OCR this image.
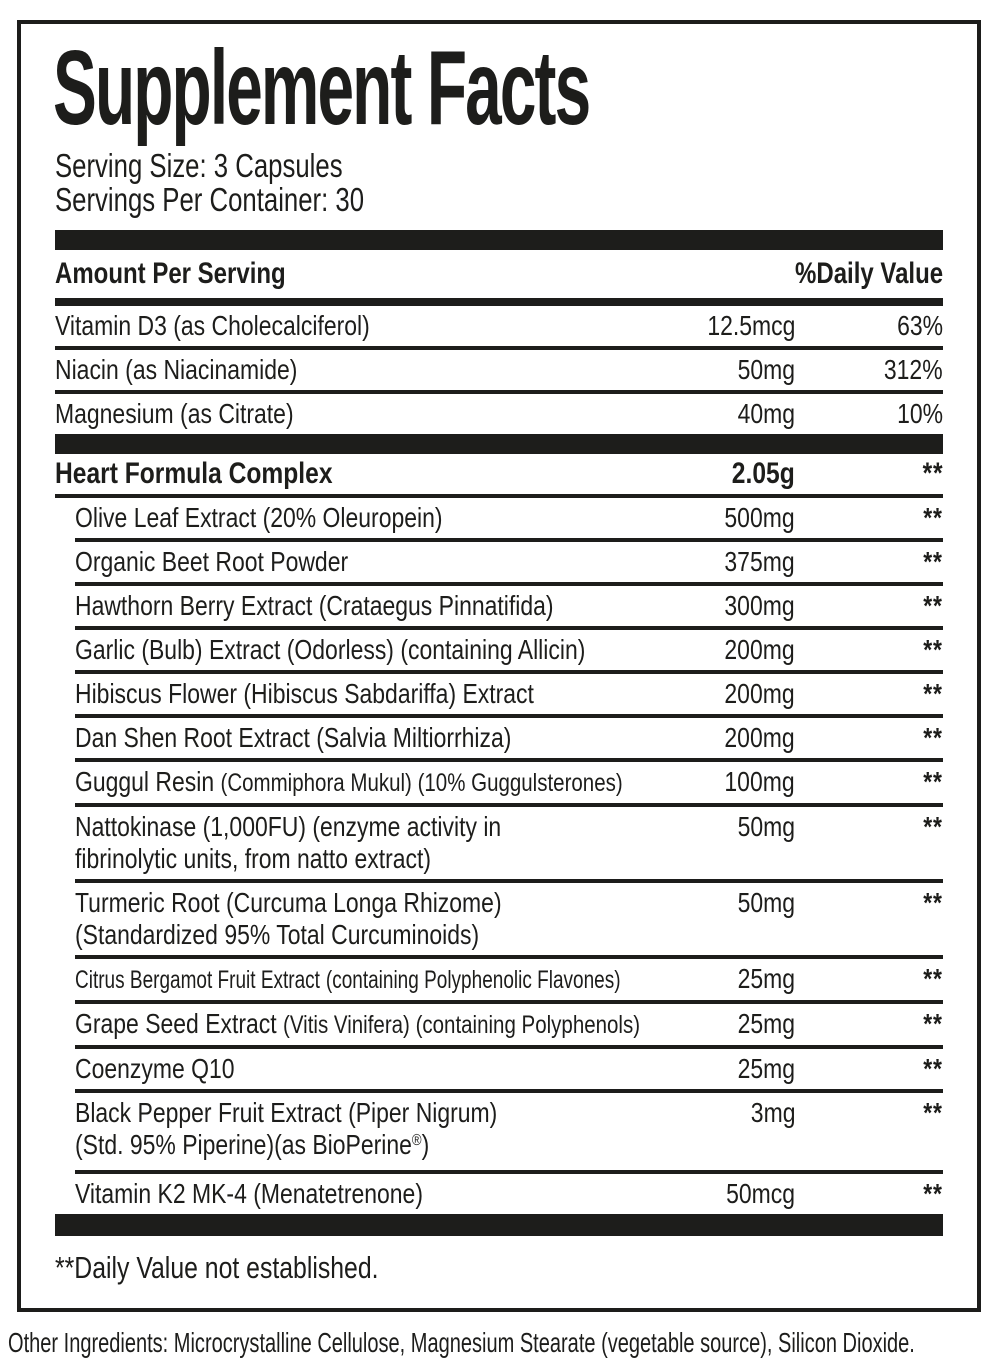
Supplement Facts
Serving Size: 3 Capsules
Servings Per Container: 30
Amount Per Serving	%Daily Value
Vitamin D3 (as Cholecalciferol)	12.5mcg	63%
Niacin (as Niacinamide)	50mg	312%
Magnesium (as Citrate)	40mg	10%
Heart Formula Complex	2.05g	**
Olive Leaf Extract (20% Oleuropein)	500mg	**
Organic Beet Root Powder	375mg	**
Hawthorn Berry Extract (Crataegus Pinnatifida)	300mg	**
Garlic (Bulb) Extract (Odorless) (containing Allicin)	200mg	**
Hibiscus Flower (Hibiscus Sabdariffa) Extract	200mg	**
Dan Shen Root Extract (Salvia Miltiorrhiza)	200mg	**
Guggul Resin (Commiphora Mukul) (10% Guggulsterones)	100mg	**
Nattokinase (1,000FU) (enzyme activity in
fibrinolytic units, from natto extract)
50mg	**
Turmeric Root (Curcuma Longa Rhizome)
(Standardized 95% Total Curcuminoids)
50mg	**
Citrus Bergamot Fruit Extract (containing Polyphenolic Flavones)	25mg	**
Grape Seed Extract (Vitis Vinifera) (containing Polyphenols)	25mg	**
Coenzyme Q10	25mg	**
Black Pepper Fruit Extract (Piper Nigrum)
(Std. 95% Piperine)(as BioPerine®)
3mg	**
Vitamin K2 MK-4 (Menatetrenone)	50mcg	**
**Daily Value not established.
Other Ingredients: Microcrystalline Cellulose, Magnesium Stearate (vegetable source), Silicon Dioxide.
